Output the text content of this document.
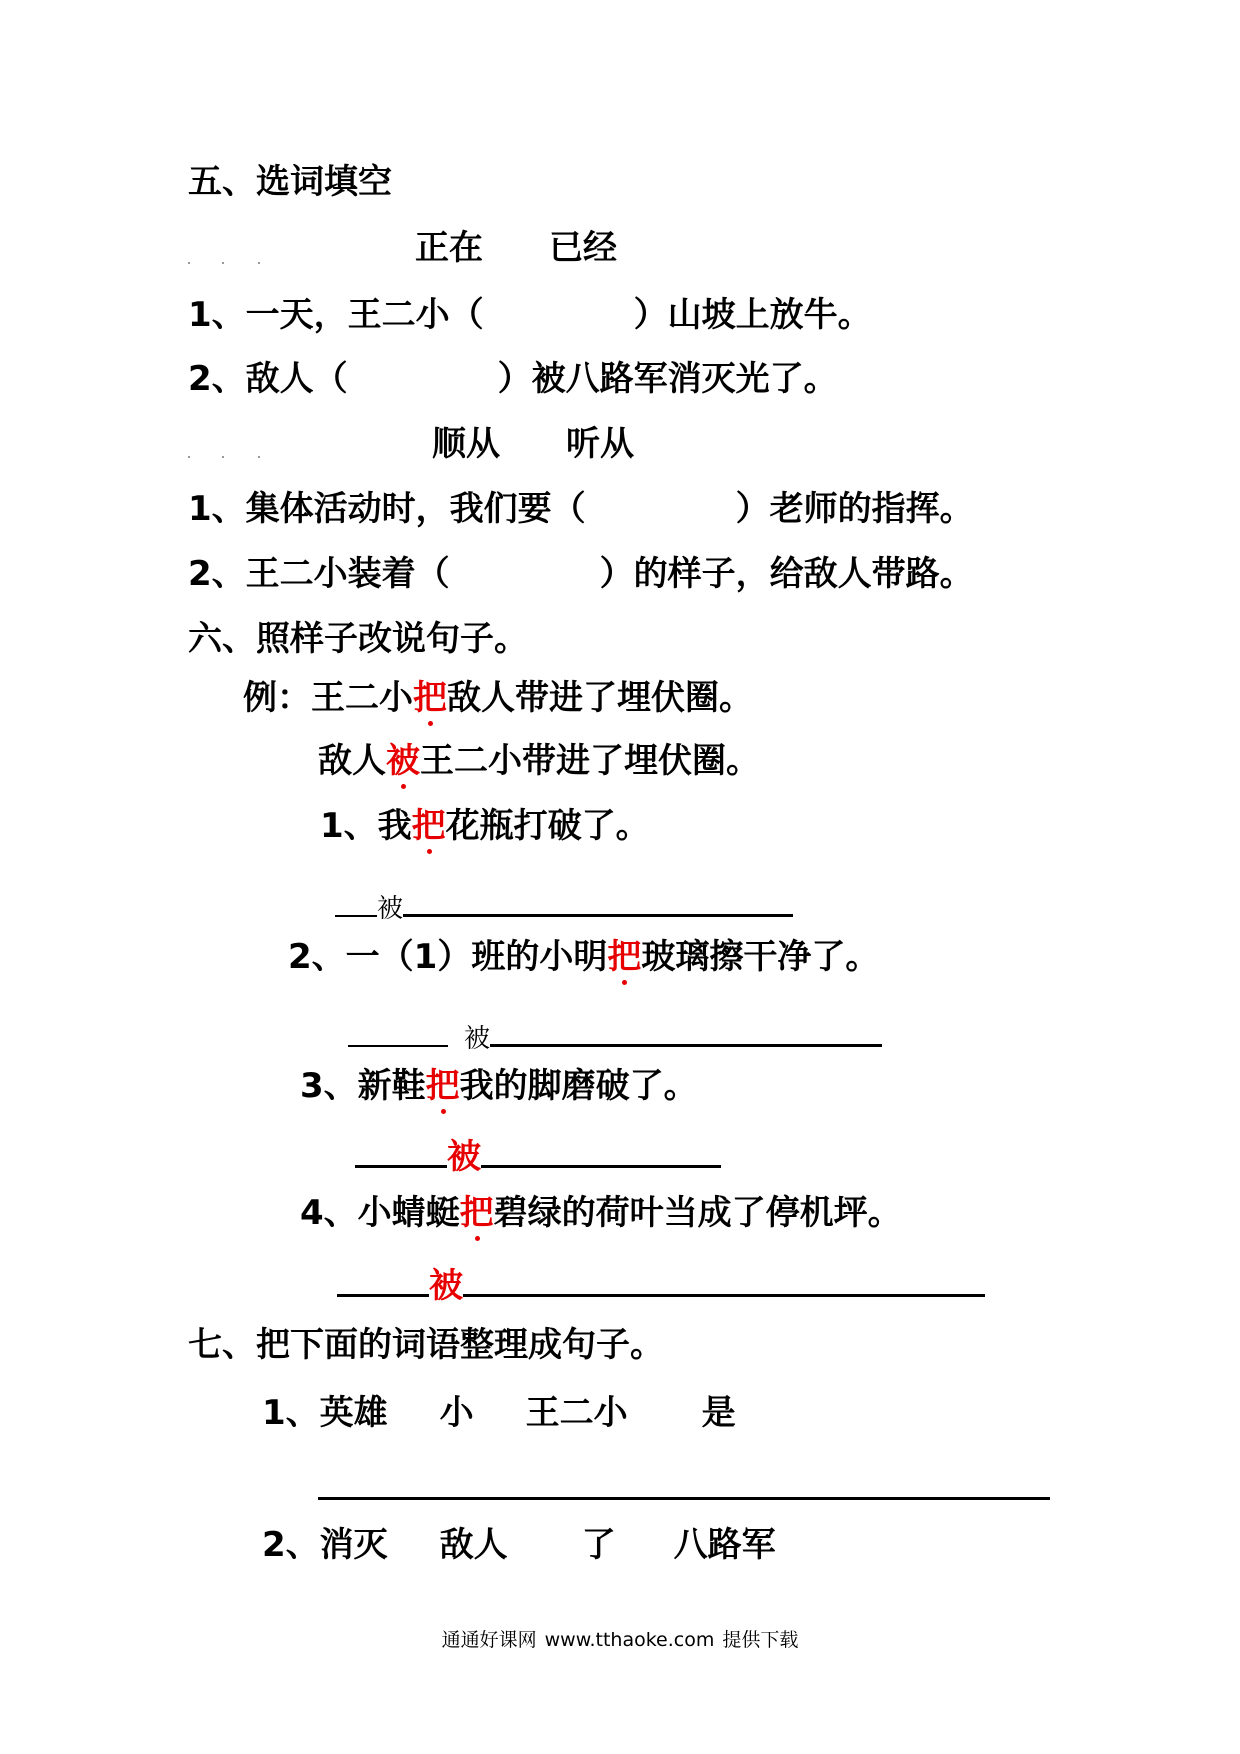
五、选词填空
正在 已经
1、一天，王二小（	）山坡上放牛。
2、敌人（	）被八路军消灭光了。
顺从 听从
1、集体活动时，我们要（	）老师的指挥。
2、王二小装着（	）的样子，给敌人带路。
六、照样子改说句子。
例：王二小把敌人带进了埋伏圈。
敌人被王二小带进了埋伏圈。
1、我把花瓶打破了。
被
2、一（1）班的小明把玻璃擦干净了。
被
3、新鞋把我的脚磨破了。
被
4、小蜻蜓把碧绿的荷叶当成了停机坪。
被
七、把下面的词语整理成句子。
1、英雄 小 王二小 是
2、消灭 敌人 了 八路军
通通好课网 www.tthaoke.com 提供下载
